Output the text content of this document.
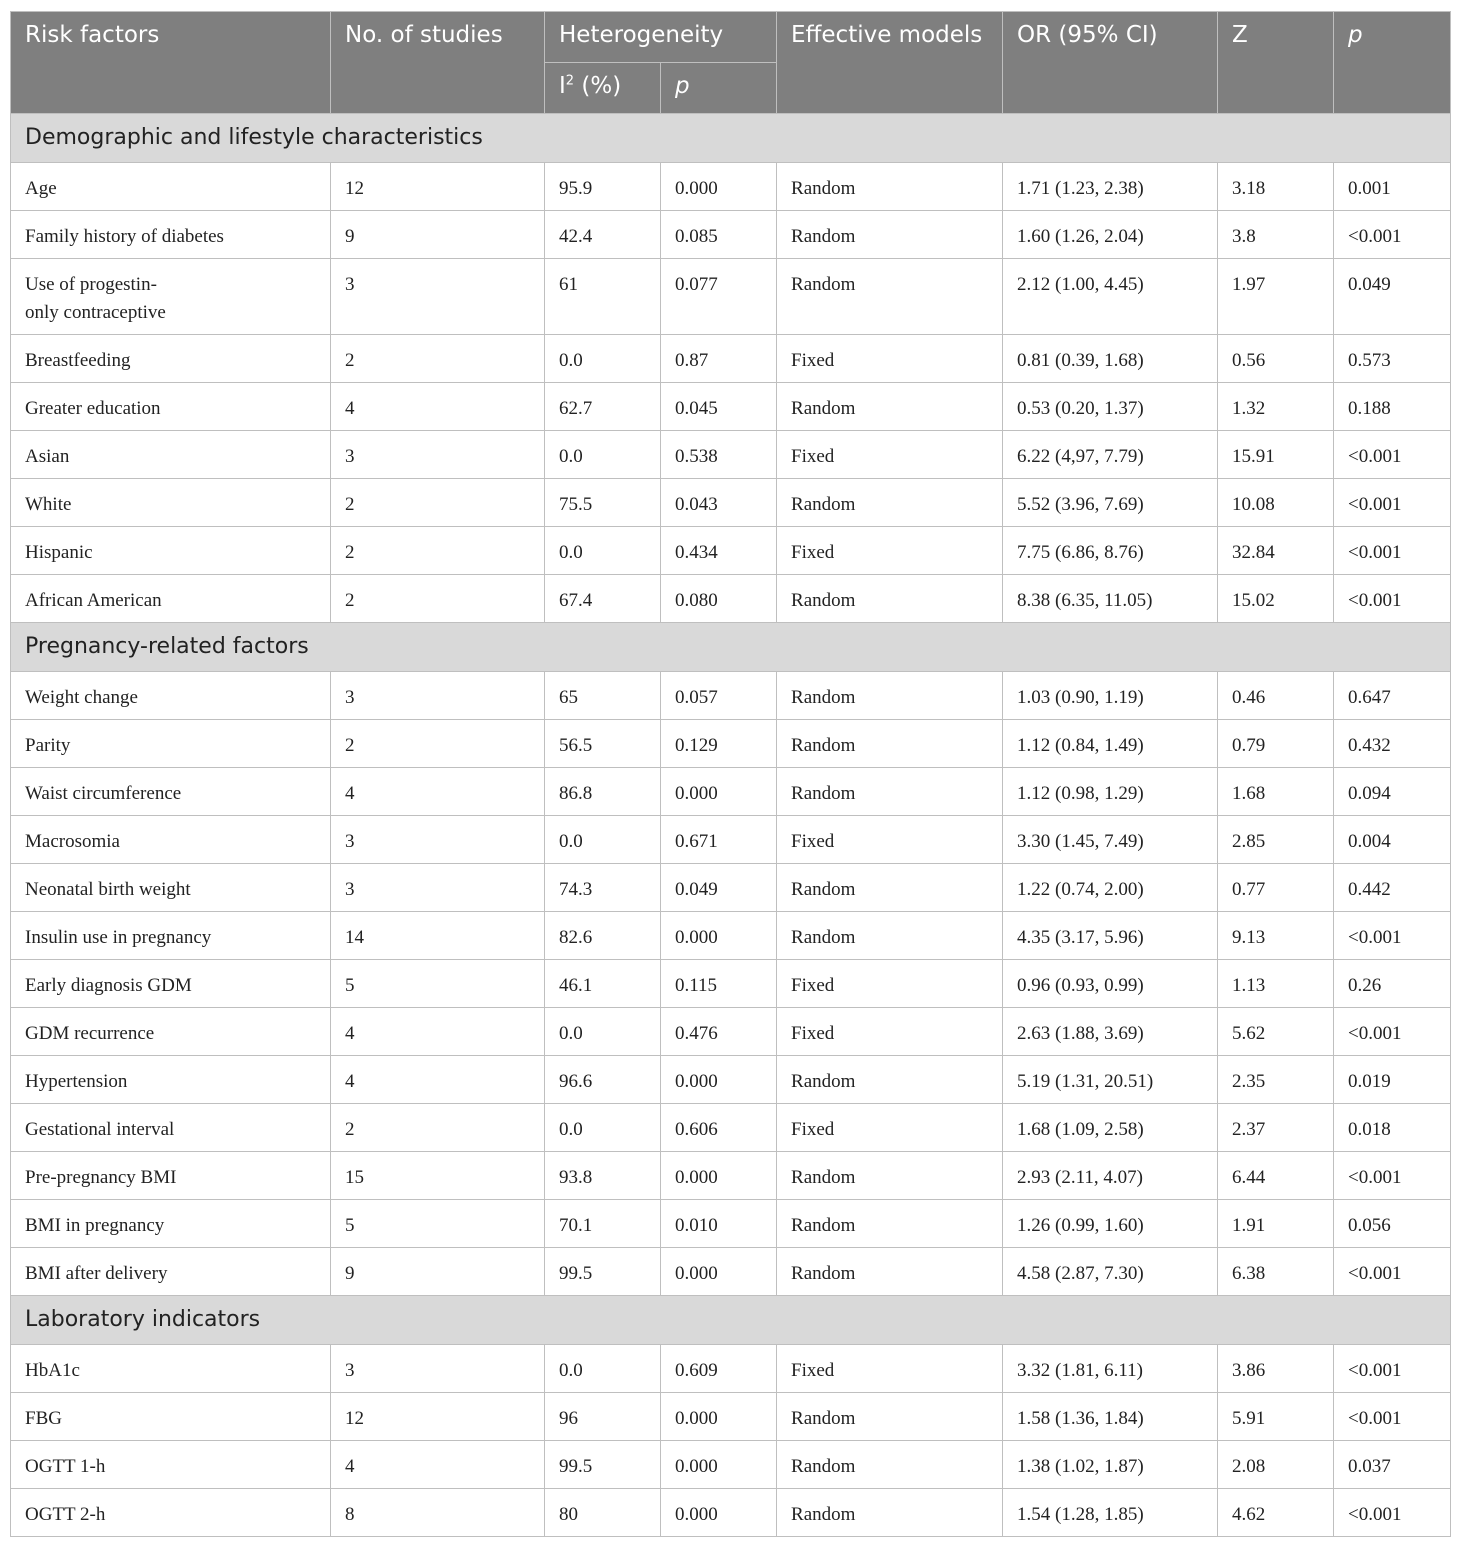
Risk factors	No. of studies	Heterogeneity		Effective models	OR (95% CI)	Z	p
		$I^2$ (%)	p				
Demographic and lifestyle characteristics							
Age	12	95.9	0.000	Random	1.71 (1.23, 2.38)	3.18	0.001
Family history of diabetes	9	42.4	0.085	Random	1.60 (1.26, 2.04)	3.8	<0.001

Use of progestin-
only contraceptive	3	61	0.077	Random	2.12 (1.00, 4.45)	1.97	0.049
Breastfeeding	2	0.0	0.87	Fixed	0.81 (0.39, 1.68)	0.56	0.573
Greater education	4	62.7	0.045	Random	0.53 (0.20, 1.37)	1.32	0.188
Asian	3	0.0	0.538	Fixed	6.22 (4,97, 7.79)	15.91	<0.001
White	2	75.5	0.043	Random	5.52 (3.96, 7.69)	10.08	<0.001
Hispanic	2	0.0	0.434	Fixed	7.75 (6.86, 8.76)	32.84	<0.001
African American	2	67.4	0.080	Random	8.38 (6.35, 11.05)	15.02	<0.001
Pregnancy-related factors							
Weight change	3	65	0.057	Random	1.03 (0.90, 1.19)	0.46	0.647
Parity	2	56.5	0.129	Random	1.12 (0.84, 1.49)	0.79	0.432
Waist circumference	4	86.8	0.000	Random	1.12 (0.98, 1.29)	1.68	0.094
Macrosomia	3	0.0	0.671	Fixed	3.30 (1.45, 7.49)	2.85	0.004
Neonatal birth weight	3	74.3	0.049	Random	1.22 (0.74, 2.00)	0.77	0.442
Insulin use in pregnancy	14	82.6	0.000	Random	4.35 (3.17, 5.96)	9.13	<0.001
Early diagnosis GDM	5	46.1	0.115	Fixed	0.96 (0.93, 0.99)	1.13	0.26
GDM recurrence	4	0.0	0.476	Fixed	2.63 (1.88, 3.69)	5.62	<0.001
Hypertension	4	96.6	0.000	Random	5.19 (1.31, 20.51)	2.35	0.019
Gestational interval	2	0.0	0.606	Fixed	1.68 (1.09, 2.58)	2.37	0.018
Pre-pregnancy BMI	15	93.8	0.000	Random	2.93 (2.11, 4.07)	6.44	<0.001
BMI in pregnancy	5	70.1	0.010	Random	1.26 (0.99, 1.60)	1.91	0.056
BMI after delivery	9	99.5	0.000	Random	4.58 (2.87, 7.30)	6.38	<0.001
Laboratory indicators							
HbA1c	3	0.0	0.609	Fixed	3.32 (1.81, 6.11)	3.86	<0.001
FBG	12	96	0.000	Random	1.58 (1.36, 1.84)	5.91	<0.001
OGTT 1-h	4	99.5	0.000	Random	1.38 (1.02, 1.87)	2.08	0.037
OGTT 2-h	8	80	0.000	Random	1.54 (1.28, 1.85)	4.62	<0.001
